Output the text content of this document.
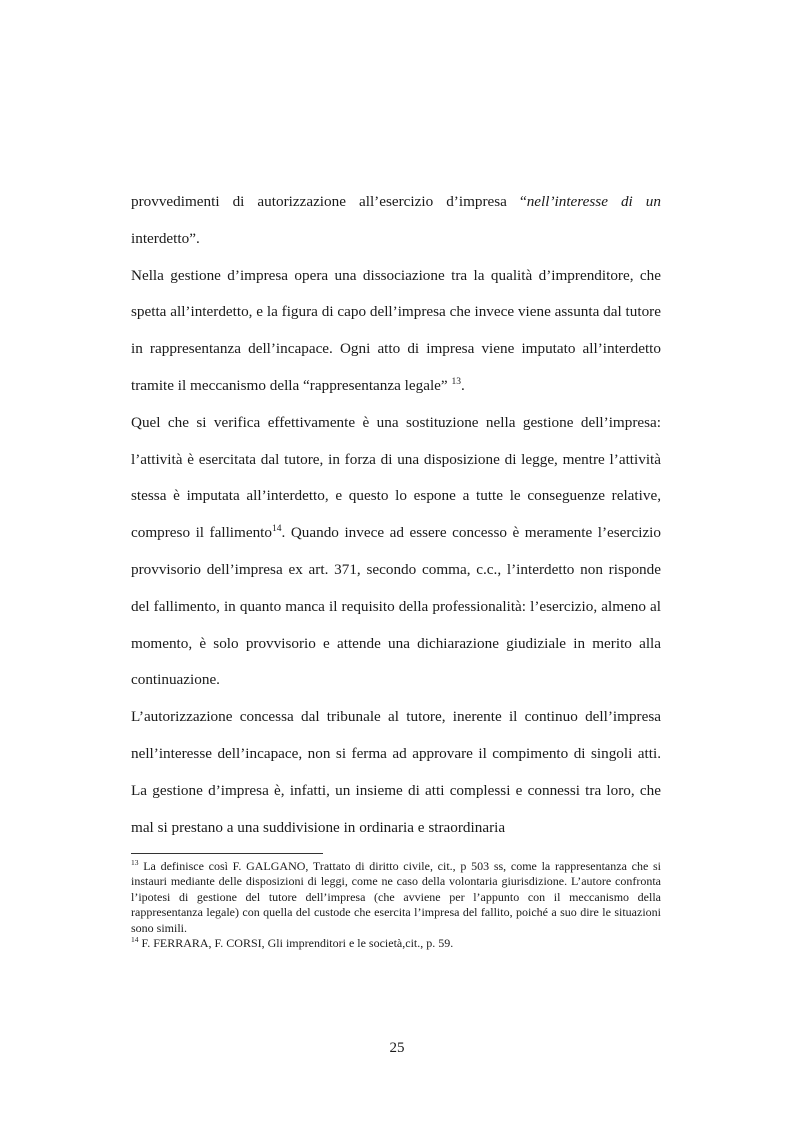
provvedimenti di autorizzazione all’esercizio d’impresa “nell’interesse di un interdetto”.

Nella gestione d’impresa opera una dissociazione tra la qualità d’imprenditore, che spetta all’interdetto, e la figura di capo dell’impresa che invece viene assunta dal tutore in rappresentanza dell’incapace. Ogni atto di impresa viene imputato all’interdetto tramite il meccanismo della “rappresentanza legale” $^{13}$.

Quel che si verifica effettivamente è una sostituzione nella gestione dell’impresa: l’attività è esercitata dal tutore, in forza di una disposizione di legge, mentre l’attività stessa è imputata all’interdetto, e questo lo espone a tutte le conseguenze relative, compreso il fallimento$^{14}$. Quando invece ad essere concesso è meramente l’esercizio provvisorio dell’impresa ex art. 371, secondo comma, c.c., l’interdetto non risponde del fallimento, in quanto manca il requisito della professionalità: l’esercizio, almeno al momento, è solo provvisorio e attende una dichiarazione giudiziale in merito alla continuazione.

L’autorizzazione concessa dal tribunale al tutore, inerente il continuo dell’impresa nell’interesse dell’incapace, non si ferma ad approvare il compimento di singoli atti. La gestione d’impresa è, infatti, un insieme di atti complessi e connessi tra loro, che mal si prestano a una suddivisione in ordinaria e straordinaria

$^{13}$ La definisce così F. GALGANO, Trattato di diritto civile, cit., p 503 ss, come la rappresentanza che si instauri mediante delle disposizioni di leggi, come ne caso della volontaria giurisdizione. L’autore confronta l’ipotesi di gestione del tutore dell’impresa (che avviene per l’appunto con il meccanismo della rappresentanza legale) con quella del custode che esercita l’impresa del fallito, poiché a suo dire le situazioni sono simili.

$^{14}$ F. FERRARA, F. CORSI, Gli imprenditori e le società,cit., p. 59.

25
